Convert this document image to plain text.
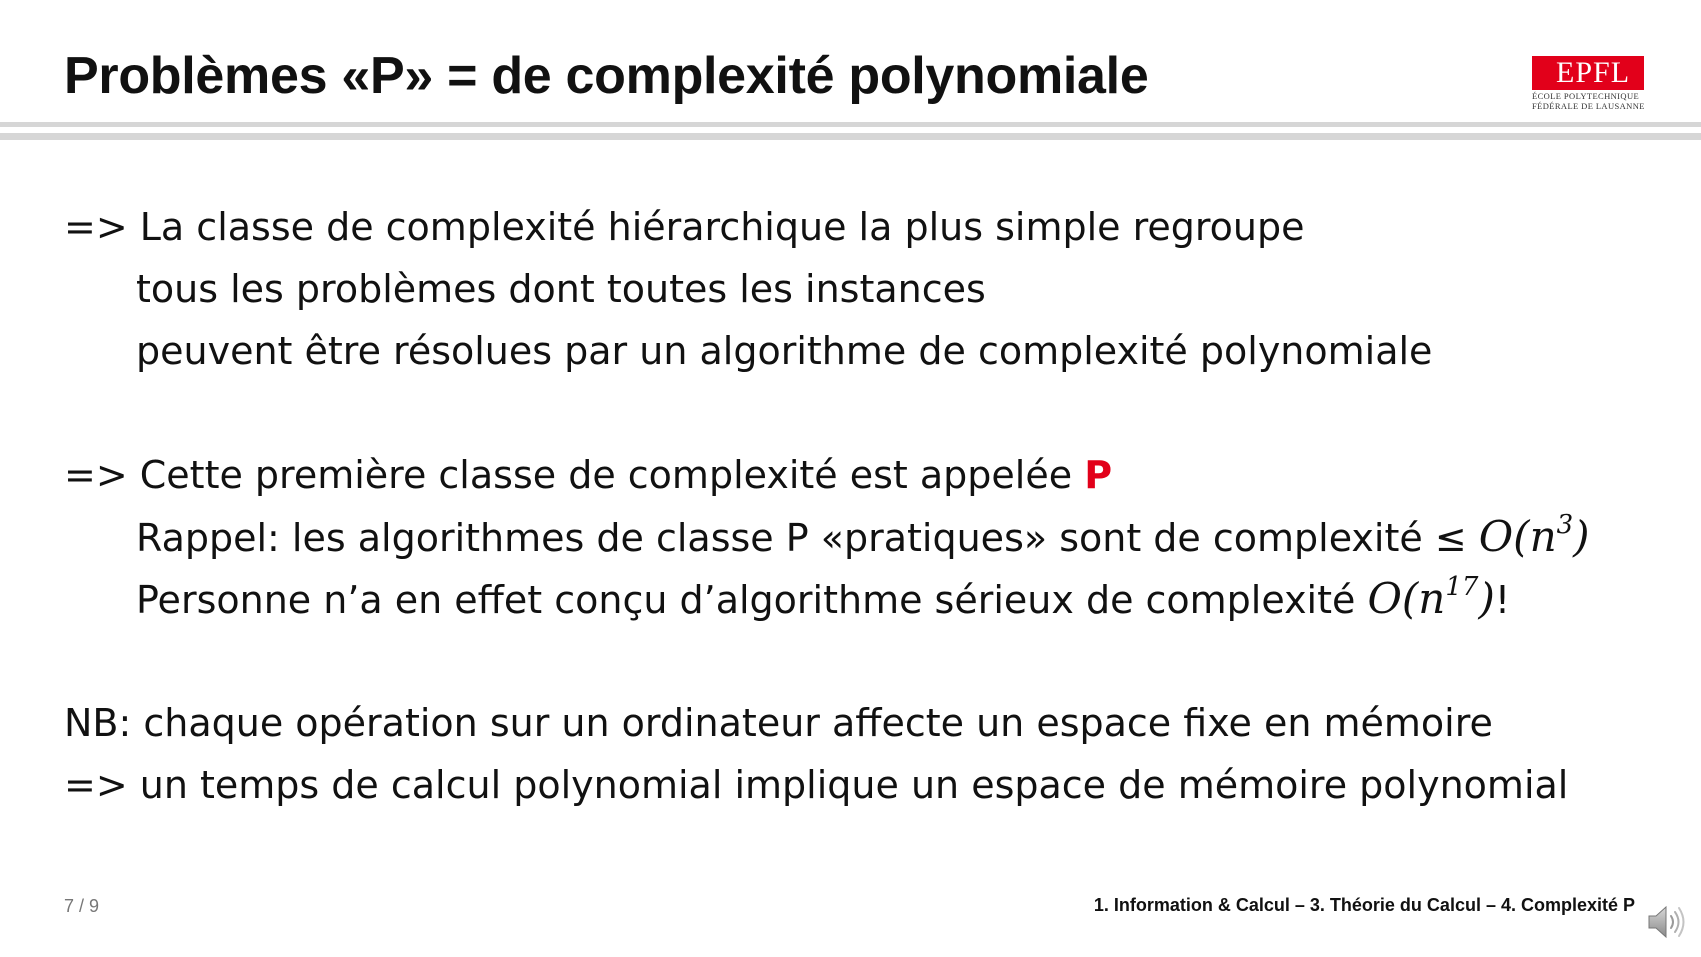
Problèmes «P» = de complexité polynomiale	EPFL
ÉCOLE POLYTECHNIQUE
FÉDÉRALE DE LAUSANNE
=> La classe de complexité hiérarchique la plus simple regroupe
tous les problèmes dont toutes les instances
peuvent être résolues par un algorithme de complexité polynomiale
=> Cette première classe de complexité est appelée P
Rappel: les algorithmes de classe P «pratiques» sont de complexité ≤ $O(n^3)$
Personne n’a en effet conçu d’algorithme sérieux de complexité $O(n^{17})$!
NB: chaque opération sur un ordinateur affecte un espace fixe en mémoire
=> un temps de calcul polynomial implique un espace de mémoire polynomial
7 / 9	1. Information & Calcul – 3. Théorie du Calcul – 4. Complexité P
